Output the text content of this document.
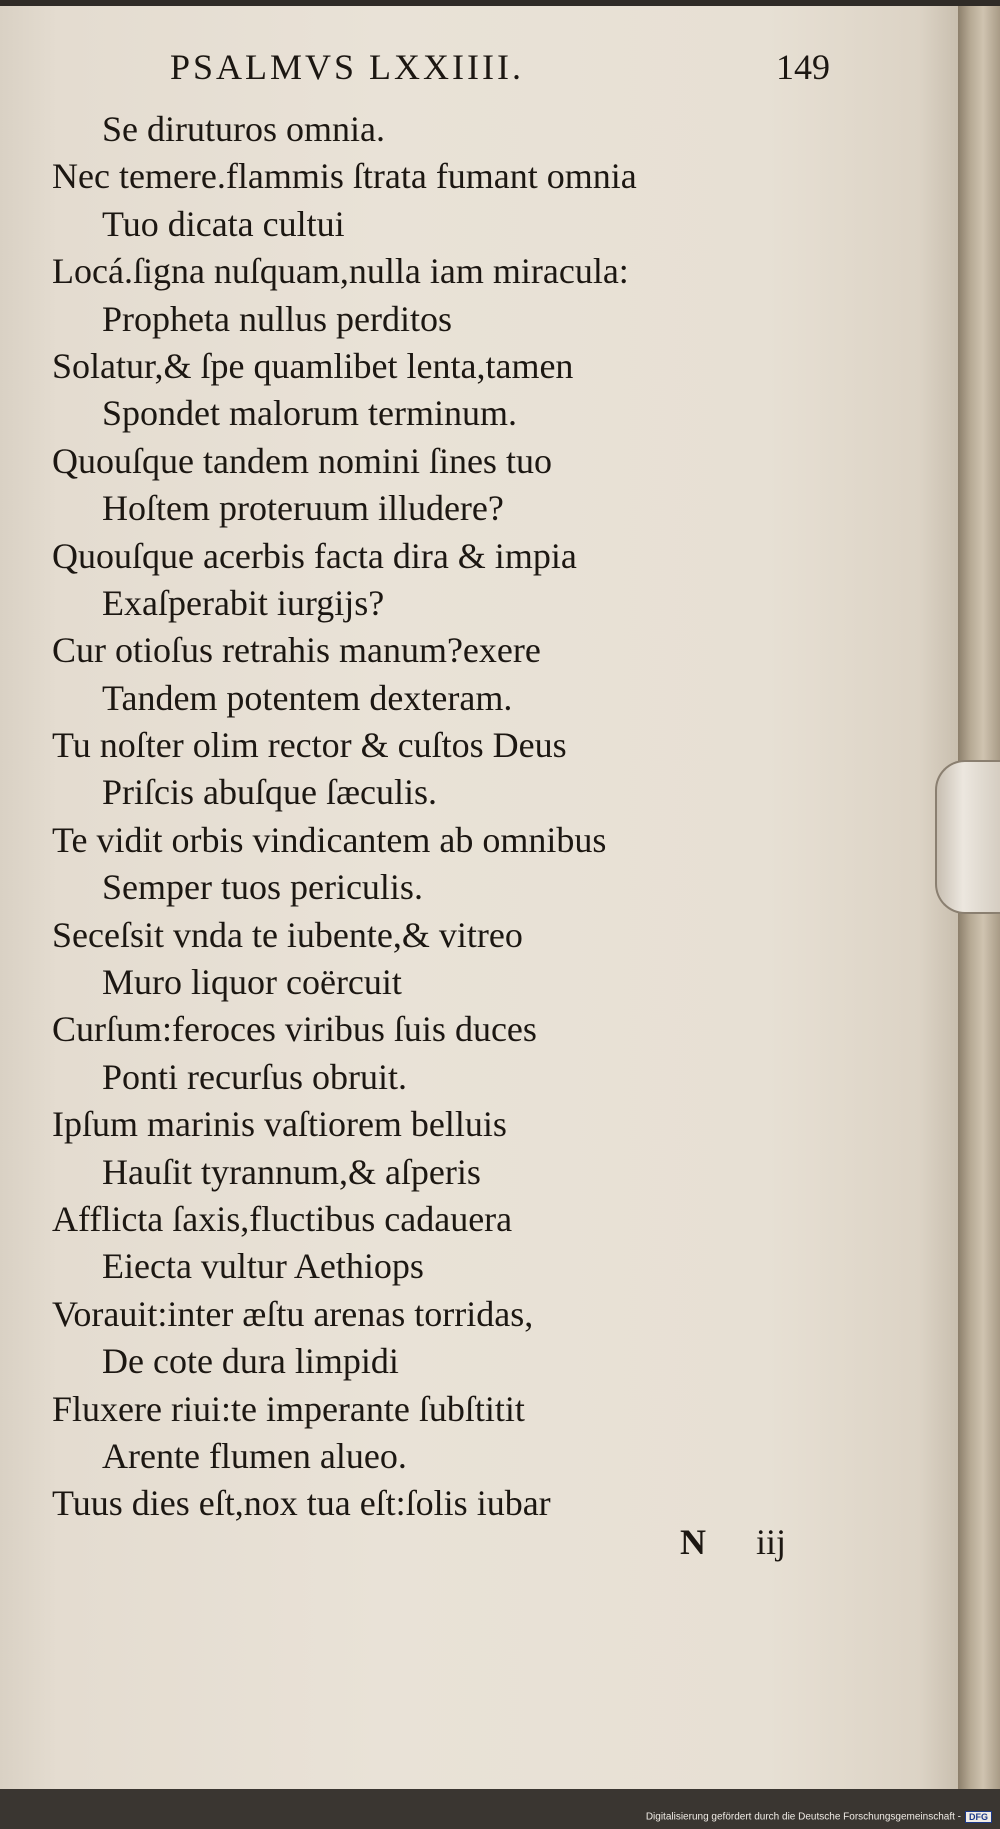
PSALMVS LXXIIII.	149
Se diruturos omnia.
Nec temere.flammis ſtrata fumant omnia
Tuo dicata cultui
Locá.ſigna nuſquam,nulla iam miracula:
Propheta nullus perditos
Solatur,& ſpe quamlibet lenta,tamen
Spondet malorum terminum.
Quouſque tandem nomini ſines tuo
Hoſtem proteruum illudere?
Quouſque acerbis facta dira & impia
Exaſperabit iurgijs?
Cur otioſus retrahis manum?exere
Tandem potentem dexteram.
Tu noſter olim rector & cuſtos Deus
Priſcis abuſque ſæculis.
Te vidit orbis vindicantem ab omnibus
Semper tuos periculis.
Seceſsit vnda te iubente,& vitreo
Muro liquor coërcuit
Curſum:feroces viribus ſuis duces
Ponti recurſus obruit.
Ipſum marinis vaſtiorem belluis
Hauſit tyrannum,& aſperis
Afflicta ſaxis,fluctibus cadauera
Eiecta vultur Aethiops
Vorauit:inter æſtu arenas torridas,
De cote dura limpidi
Fluxere riui:te imperante ſubſtitit
Arente flumen alueo.
Tuus dies eſt,nox tua eſt:ſolis iubar
N iij
Digitalisierung gefördert durch die Deutsche Forschungsgemeinschaft - DFG
